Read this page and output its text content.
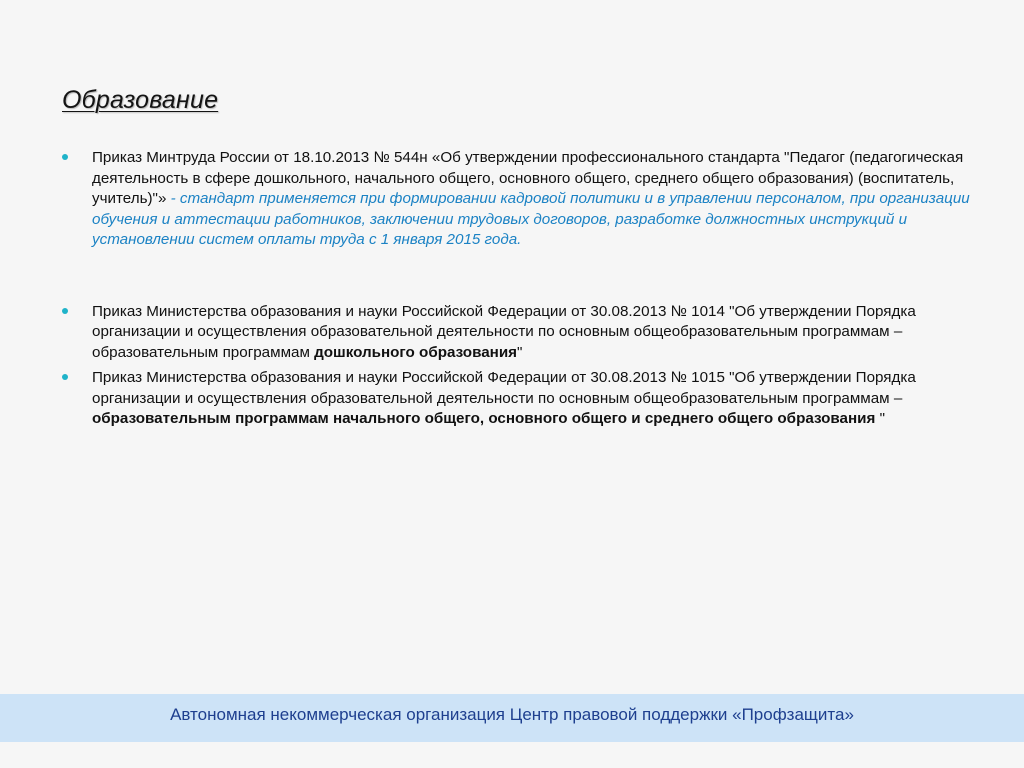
Образование
Приказ Минтруда России от 18.10.2013 № 544н «Об утверждении профессионального стандарта "Педагог (педагогическая деятельность в сфере дошкольного, начального общего, основного общего, среднего общего образования) (воспитатель, учитель)"» - стандарт применяется при формировании кадровой политики и в управлении персоналом, при организации обучения и аттестации работников, заключении трудовых договоров, разработке должностных инструкций и установлении систем оплаты труда с 1 января 2015 года.
Приказ Министерства образования и науки Российской Федерации от 30.08.2013 № 1014 "Об утверждении Порядка организации и осуществления образовательной деятельности по основным общеобразовательным программам – образовательным программам дошкольного образования"
Приказ Министерства образования и науки Российской Федерации от 30.08.2013 № 1015 "Об утверждении Порядка организации и осуществления образовательной деятельности по основным общеобразовательным программам – образовательным программам начального общего, основного общего и среднего общего образования "
Автономная некоммерческая организация Центр правовой поддержки «Профзащита»
